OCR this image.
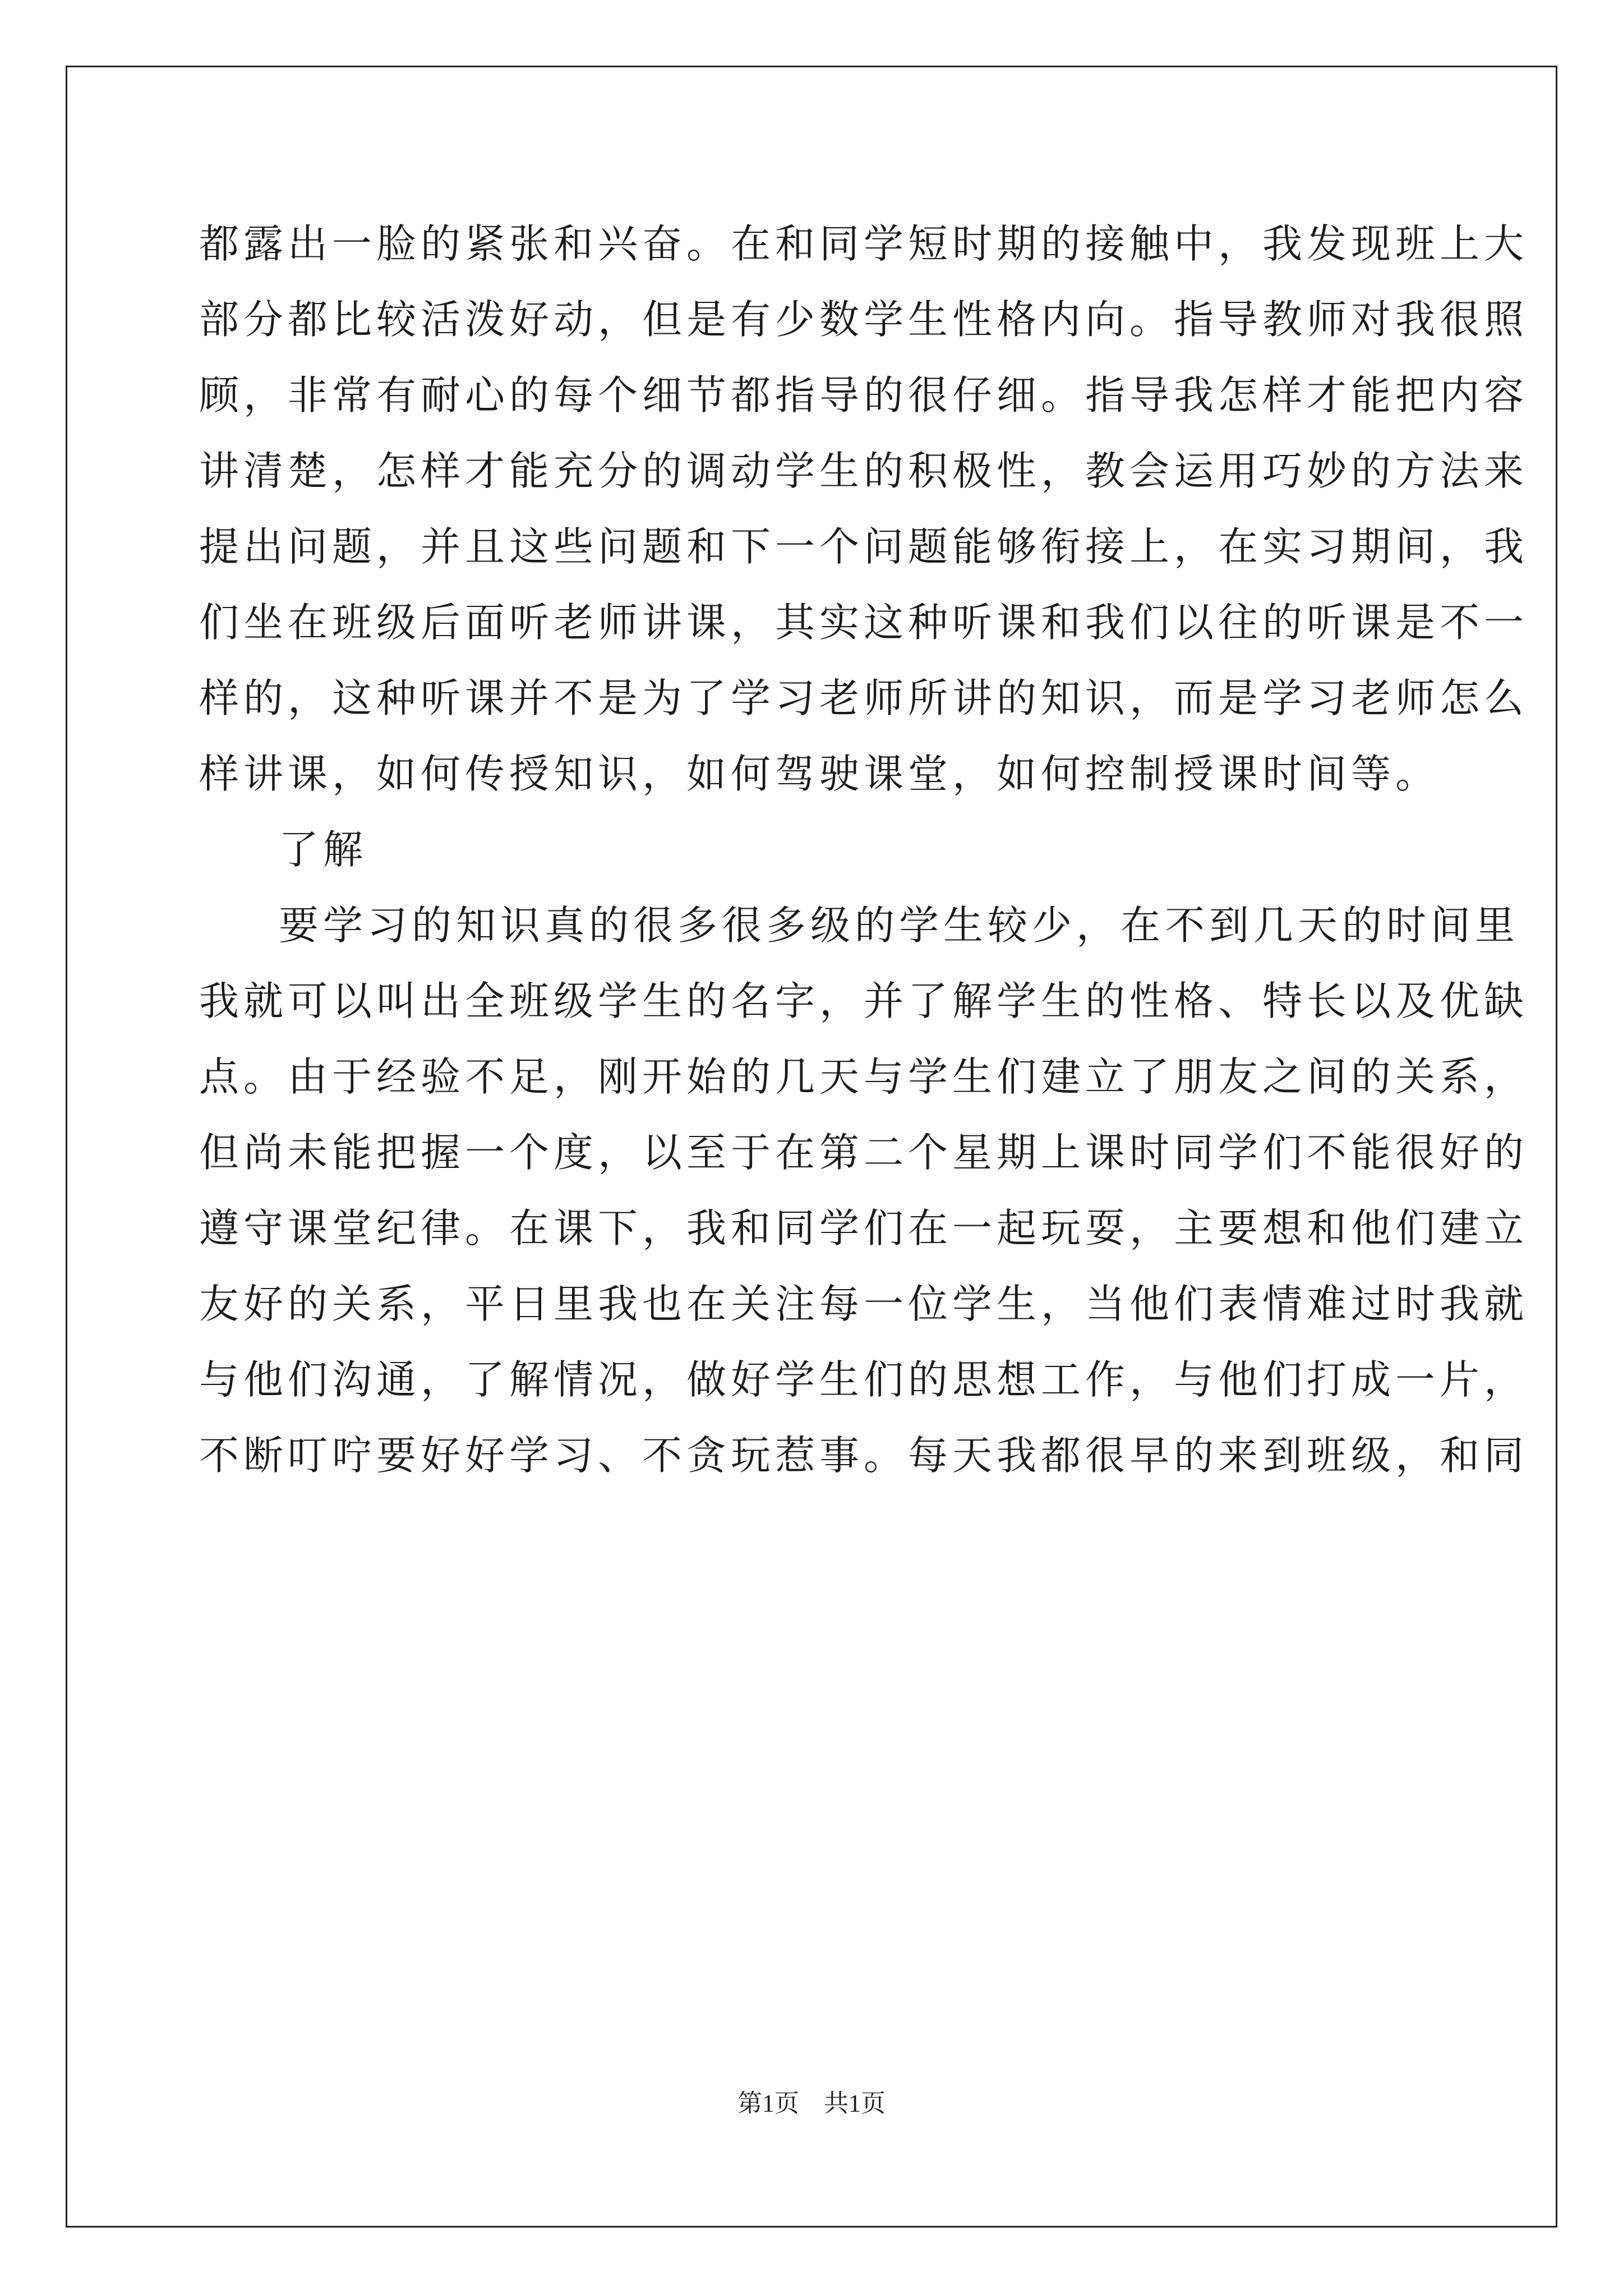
都露出一脸的紧张和兴奋。在和同学短时期的接触中，我发现班上大
部分都比较活泼好动，但是有少数学生性格内向。指导教师对我很照
顾，非常有耐心的每个细节都指导的很仔细。指导我怎样才能把内容
讲清楚，怎样才能充分的调动学生的积极性，教会运用巧妙的方法来
提出问题，并且这些问题和下一个问题能够衔接上，在实习期间，我
们坐在班级后面听老师讲课，其实这种听课和我们以往的听课是不一
样的，这种听课并不是为了学习老师所讲的知识，而是学习老师怎么
样讲课，如何传授知识，如何驾驶课堂，如何控制授课时间等。
了解
要学习的知识真的很多很多级的学生较少，在不到几天的时间里
我就可以叫出全班级学生的名字，并了解学生的性格、特长以及优缺
点。由于经验不足，刚开始的几天与学生们建立了朋友之间的关系，
但尚未能把握一个度，以至于在第二个星期上课时同学们不能很好的
遵守课堂纪律。在课下，我和同学们在一起玩耍，主要想和他们建立
友好的关系，平日里我也在关注每一位学生，当他们表情难过时我就
与他们沟通，了解情况，做好学生们的思想工作，与他们打成一片，
不断叮咛要好好学习、不贪玩惹事。每天我都很早的来到班级，和同
第1页 共1页
